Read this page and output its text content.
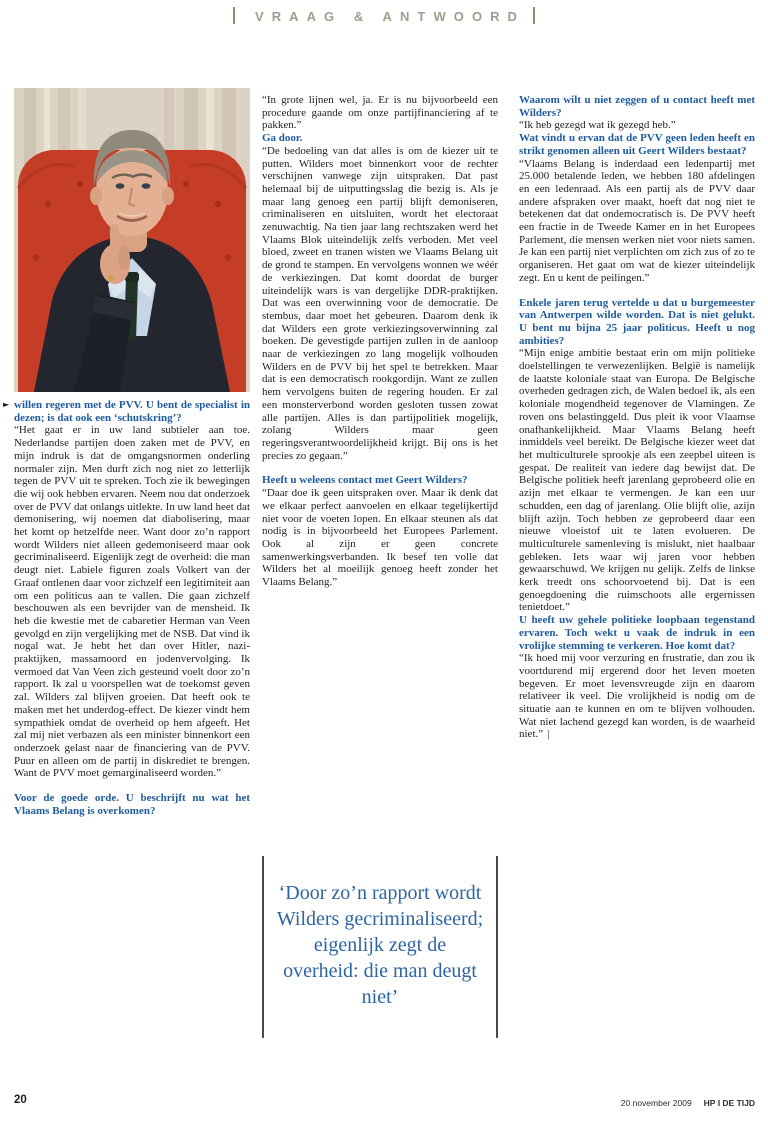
VRAAG & ANTWOORD
► willen regeren met de PVV. U bent de specialist in dezen; is dat ook een ‘schutskring’?

“Het gaat er in uw land subtieler aan toe. Nederlandse partijen doen zaken met de PVV, en mijn indruk is dat de omgangsnormen onderling normaler zijn. Men durft zich nog niet zo letterlijk tegen de PVV uit te spreken. Toch zie ik bewegingen die wij ook hebben ervaren. Neem nou dat onderzoek over de PVV dat onlangs uitlekte. In uw land heet dat demonisering, wij noemen dat diabolisering, maar het komt op hetzelfde neer. Want door zo’n rapport wordt Wilders niet alleen gedemoniseerd maar ook gecriminaliseerd. Eigenlijk zegt de overheid: die man deugt niet. Labiele figuren zoals Volkert van der Graaf ontlenen daar voor zichzelf een legitimiteit aan om een politicus aan te vallen. Die gaan zichzelf beschouwen als een bevrijder van de mensheid. Ik heb die kwestie met de cabaretier Herman van Veen gevolgd en zijn vergelijking met de NSB. Dat vind ik nogal wat. Je hebt het dan over Hitler, nazi-praktijken, massamoord en jodenvervolging. Ik vermoed dat Van Veen zich gesteund voelt door zo’n rapport. Ik zal u voorspellen wat de toekomst geven zal. Wilders zal blijven groeien. Dat heeft ook te maken met het underdog-effect. De kiezer vindt hem sympathiek omdat de overheid op hem afgeeft. Het zal mij niet verbazen als een minister binnenkort een onderzoek gelast naar de financiering van de PVV. Puur en alleen om de partij in diskrediet te brengen. Want de PVV moet gemarginaliseerd worden.”

Voor de goede orde. U beschrijft nu wat het Vlaams Belang is overkomen?

“In grote lijnen wel, ja. Er is nu bijvoorbeeld een procedure gaande om onze partijfinanciering af te pakken.”

Ga door.

“De bedoeling van dat alles is om de kiezer uit te putten. Wilders moet binnenkort voor de rechter verschijnen vanwege zijn uitspraken. Dat past helemaal bij de uitputtingsslag die bezig is. Als je maar lang genoeg een partij blijft demoniseren, criminaliseren en uitsluiten, wordt het electoraat zenuwachtig. Na tien jaar lang rechtszaken werd het Vlaams Blok uiteindelijk zelfs verboden. Met veel bloed, zweet en tranen wisten we Vlaams Belang uit de grond te stampen. En vervolgens wonnen we wéér de verkiezingen. Dat komt doordat de burger uiteindelijk wars is van dergelijke DDR-praktijken. Dat was een overwinning voor de democratie. De stembus, daar moet het gebeuren. Daarom denk ik dat Wilders een grote verkiezingsoverwinning zal boeken. De gevestigde partijen zullen in de aanloop naar de verkiezingen zo lang mogelijk volhouden Wilders en de PVV bij het spel te betrekken. Maar dat is een democratisch rookgordijn. Want ze zullen hem vervolgens buiten de regering houden. Er zal een monsterverbond worden gesloten tussen zowat alle partijen. Alles is dan partijpolitiek mogelijk, zolang Wilders maar geen regeringsverantwoordelijkheid krijgt. Bij ons is het precies zo gegaan.”

Heeft u weleens contact met Geert Wilders?

“Daar doe ik geen uitspraken over. Maar ik denk dat we elkaar perfect aanvoelen en elkaar tegelijkertijd niet voor de voeten lopen. En elkaar steunen als dat nodig is in bijvoorbeeld het Europees Parlement. Ook al zijn er geen concrete samenwerkingsverbanden. Ik besef ten volle dat Wilders het al moeilijk genoeg heeft zonder het Vlaams Belang.”

‘Door zo’n rapport wordt Wilders gecriminaliseerd; eigenlijk zegt de overheid: die man deugt niet’

Waarom wilt u niet zeggen of u contact heeft met Wilders?

“Ik heb gezegd wat ik gezegd heb.”

Wat vindt u ervan dat de PVV geen leden heeft en strikt genomen alleen uit Geert Wilders bestaat?

“Vlaams Belang is inderdaad een ledenpartij met 25.000 betalende leden, we hebben 180 afdelingen en een ledenraad. Als een partij als de PVV daar andere afspraken over maakt, hoeft dat nog niet te betekenen dat dat ondemocratisch is. De PVV heeft een fractie in de Tweede Kamer en in het Europees Parlement, die mensen werken niet voor niets samen. Je kan een partij niet verplichten om zich zus of zo te organiseren. Het gaat om wat de kiezer uiteindelijk zegt. En u kent de peilingen.”

Enkele jaren terug vertelde u dat u burgemeester van Antwerpen wilde worden. Dat is niet gelukt. U bent nu bijna 25 jaar politicus. Heeft u nog ambities?

“Mijn enige ambitie bestaat erin om mijn politieke doelstellingen te verwezenlijken. België is namelijk de laatste koloniale staat van Europa. De Belgische overheden gedragen zich, de Walen bedoel ik, als een koloniale mogendheid tegenover de Vlamingen. Ze roven ons belastinggeld. Dus pleit ik voor Vlaamse onafhankelijkheid. Maar Vlaams Belang heeft inmiddels veel bereikt. De Belgische kiezer weet dat het multiculturele sprookje als een zeepbel uiteen is gespat. De realiteit van iedere dag bewijst dat. De Belgische politiek heeft jarenlang geprobeerd olie en azijn met elkaar te vermengen. Je kan een uur schudden, een dag of jarenlang. Olie blijft olie, azijn blijft azijn. Toch hebben ze geprobeerd daar een nieuwe vloeistof uit te laten evolueren. De multiculturele samenleving is mislukt, niet haalbaar gebleken. Iets waar wij jaren voor hebben gewaarschuwd. We krijgen nu gelijk. Zelfs de linkse kerk treedt ons schoorvoetend bij. Dat is een genoegdoening die ruimschoots alle ergernissen tenietdoet.”

U heeft uw gehele politieke loopbaan tegenstand ervaren. Toch wekt u vaak de indruk in een vrolijke stemming te verkeren. Hoe komt dat?

“Ik hoed mij voor verzuring en frustratie, dan zou ik voortdurend mij ergerend door het leven moeten begeven. Er moet levensvreugde zijn en daarom relativeer ik veel. Die vrolijkheid is nodig om de situatie aan te kunnen en om te blijven volhouden. Wat niet lachend gezegd kan worden, is de waarheid niet.” |

20	20 november 2009 HP I DE TIJD
